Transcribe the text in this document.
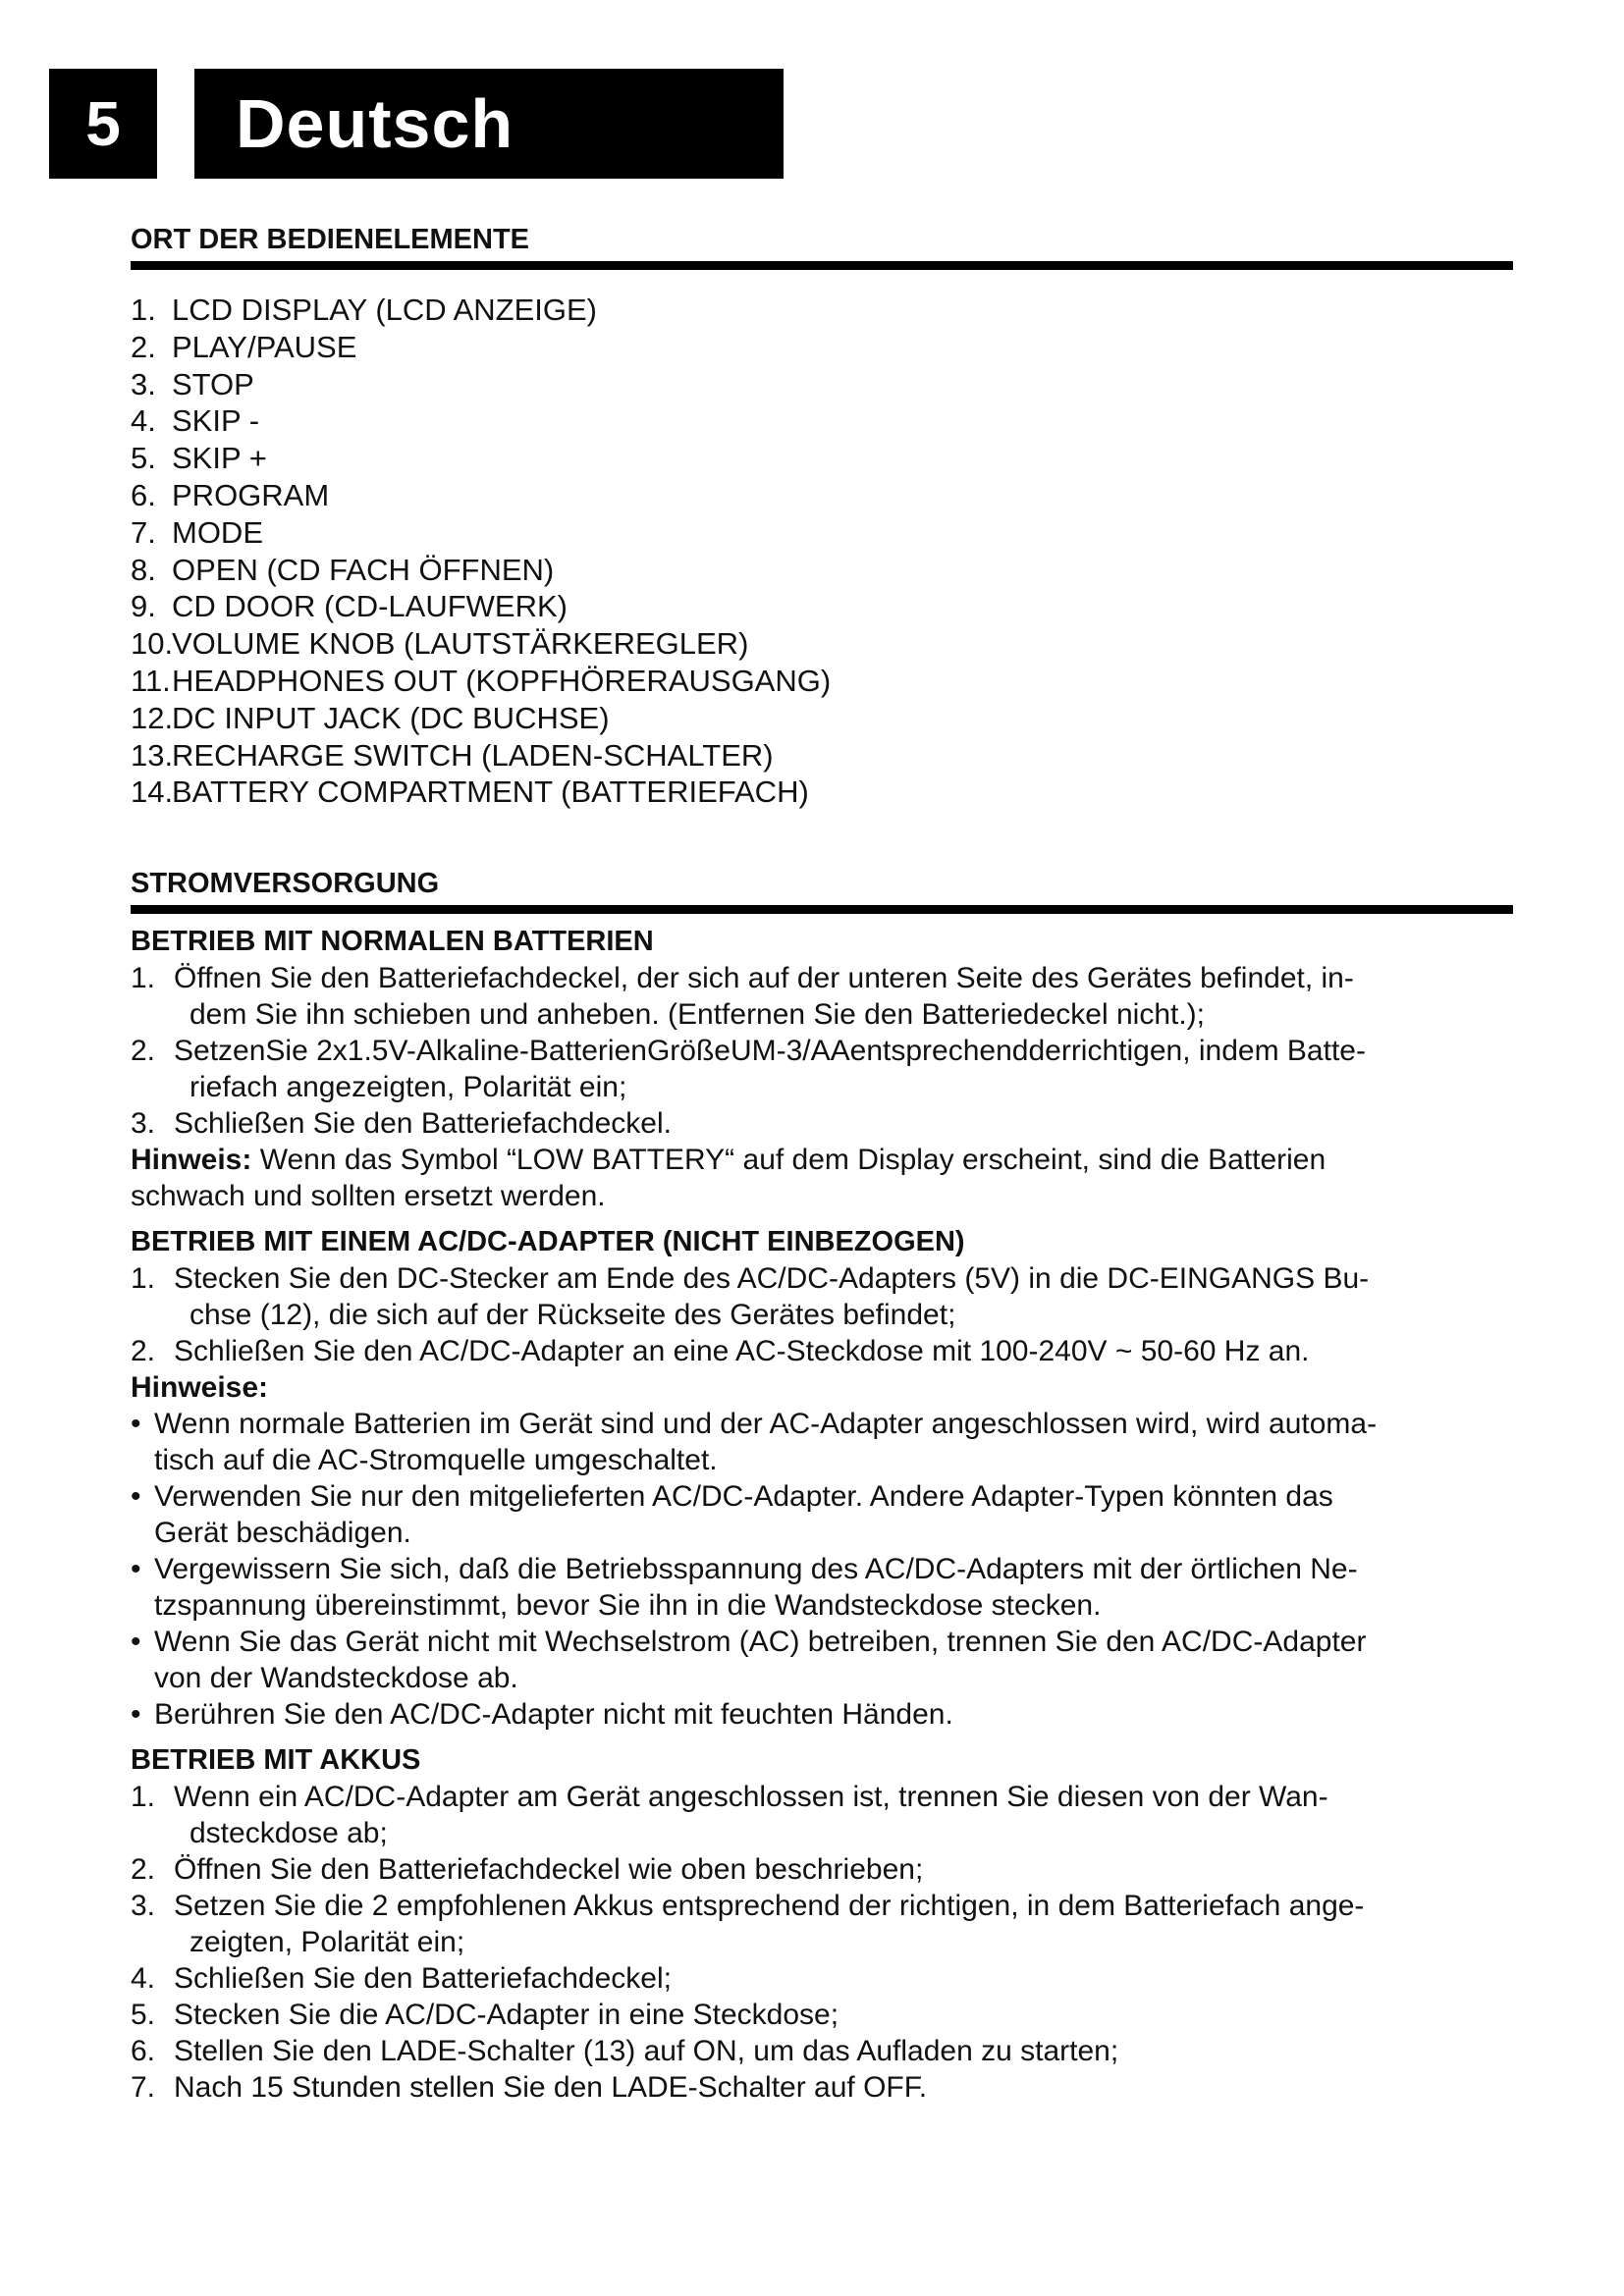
5	Deutsch
ORT DER BEDIENELEMENTE
1. LCD DISPLAY (LCD ANZEIGE)
2. PLAY/PAUSE
3. STOP
4. SKIP -
5. SKIP +
6. PROGRAM
7. MODE
8. OPEN (CD FACH ÖFFNEN)
9. CD DOOR (CD-LAUFWERK)
10.VOLUME KNOB (LAUTSTÄRKEREGLER)
11.HEADPHONES OUT (KOPFHÖRERAUSGANG)
12.DC INPUT JACK (DC BUCHSE)
13.RECHARGE SWITCH (LADEN-SCHALTER)
14.BATTERY COMPARTMENT (BATTERIEFACH)
STROMVERSORGUNG
BETRIEB MIT NORMALEN BATTERIEN
1. Öffnen Sie den Batteriefachdeckel, der sich auf der unteren Seite des Gerätes befindet, in-
dem Sie ihn schieben und anheben. (Entfernen Sie den Batteriedeckel nicht.);
2. SetzenSie 2x1.5V-Alkaline-BatterienGrößeUM-3/AAentsprechendderrichtigen, indem Batte-
riefach angezeigten, Polarität ein;
3. Schließen Sie den Batteriefachdeckel.
Hinweis: Wenn das Symbol “LOW BATTERY“ auf dem Display erscheint, sind die Batterien
schwach und sollten ersetzt werden.
BETRIEB MIT EINEM AC/DC-ADAPTER (NICHT EINBEZOGEN)
1. Stecken Sie den DC-Stecker am Ende des AC/DC-Adapters (5V) in die DC-EINGANGS Bu-
chse (12), die sich auf der Rückseite des Gerätes befindet;
2. Schließen Sie den AC/DC-Adapter an eine AC-Steckdose mit 100-240V ~ 50-60 Hz an.
Hinweise:
• Wenn normale Batterien im Gerät sind und der AC-Adapter angeschlossen wird, wird automa-
tisch auf die AC-Stromquelle umgeschaltet.
• Verwenden Sie nur den mitgelieferten AC/DC-Adapter. Andere Adapter-Typen könnten das
Gerät beschädigen.
• Vergewissern Sie sich, daß die Betriebsspannung des AC/DC-Adapters mit der örtlichen Ne-
tzspannung übereinstimmt, bevor Sie ihn in die Wandsteckdose stecken.
• Wenn Sie das Gerät nicht mit Wechselstrom (AC) betreiben, trennen Sie den AC/DC-Adapter
von der Wandsteckdose ab.
• Berühren Sie den AC/DC-Adapter nicht mit feuchten Händen.
BETRIEB MIT AKKUS
1. Wenn ein AC/DC-Adapter am Gerät angeschlossen ist, trennen Sie diesen von der Wan-
dsteckdose ab;
2. Öffnen Sie den Batteriefachdeckel wie oben beschrieben;
3. Setzen Sie die 2 empfohlenen Akkus entsprechend der richtigen, in dem Batteriefach ange-
zeigten, Polarität ein;
4. Schließen Sie den Batteriefachdeckel;
5. Stecken Sie die AC/DC-Adapter in eine Steckdose;
6. Stellen Sie den LADE-Schalter (13) auf ON, um das Aufladen zu starten;
7. Nach 15 Stunden stellen Sie den LADE-Schalter auf OFF.
